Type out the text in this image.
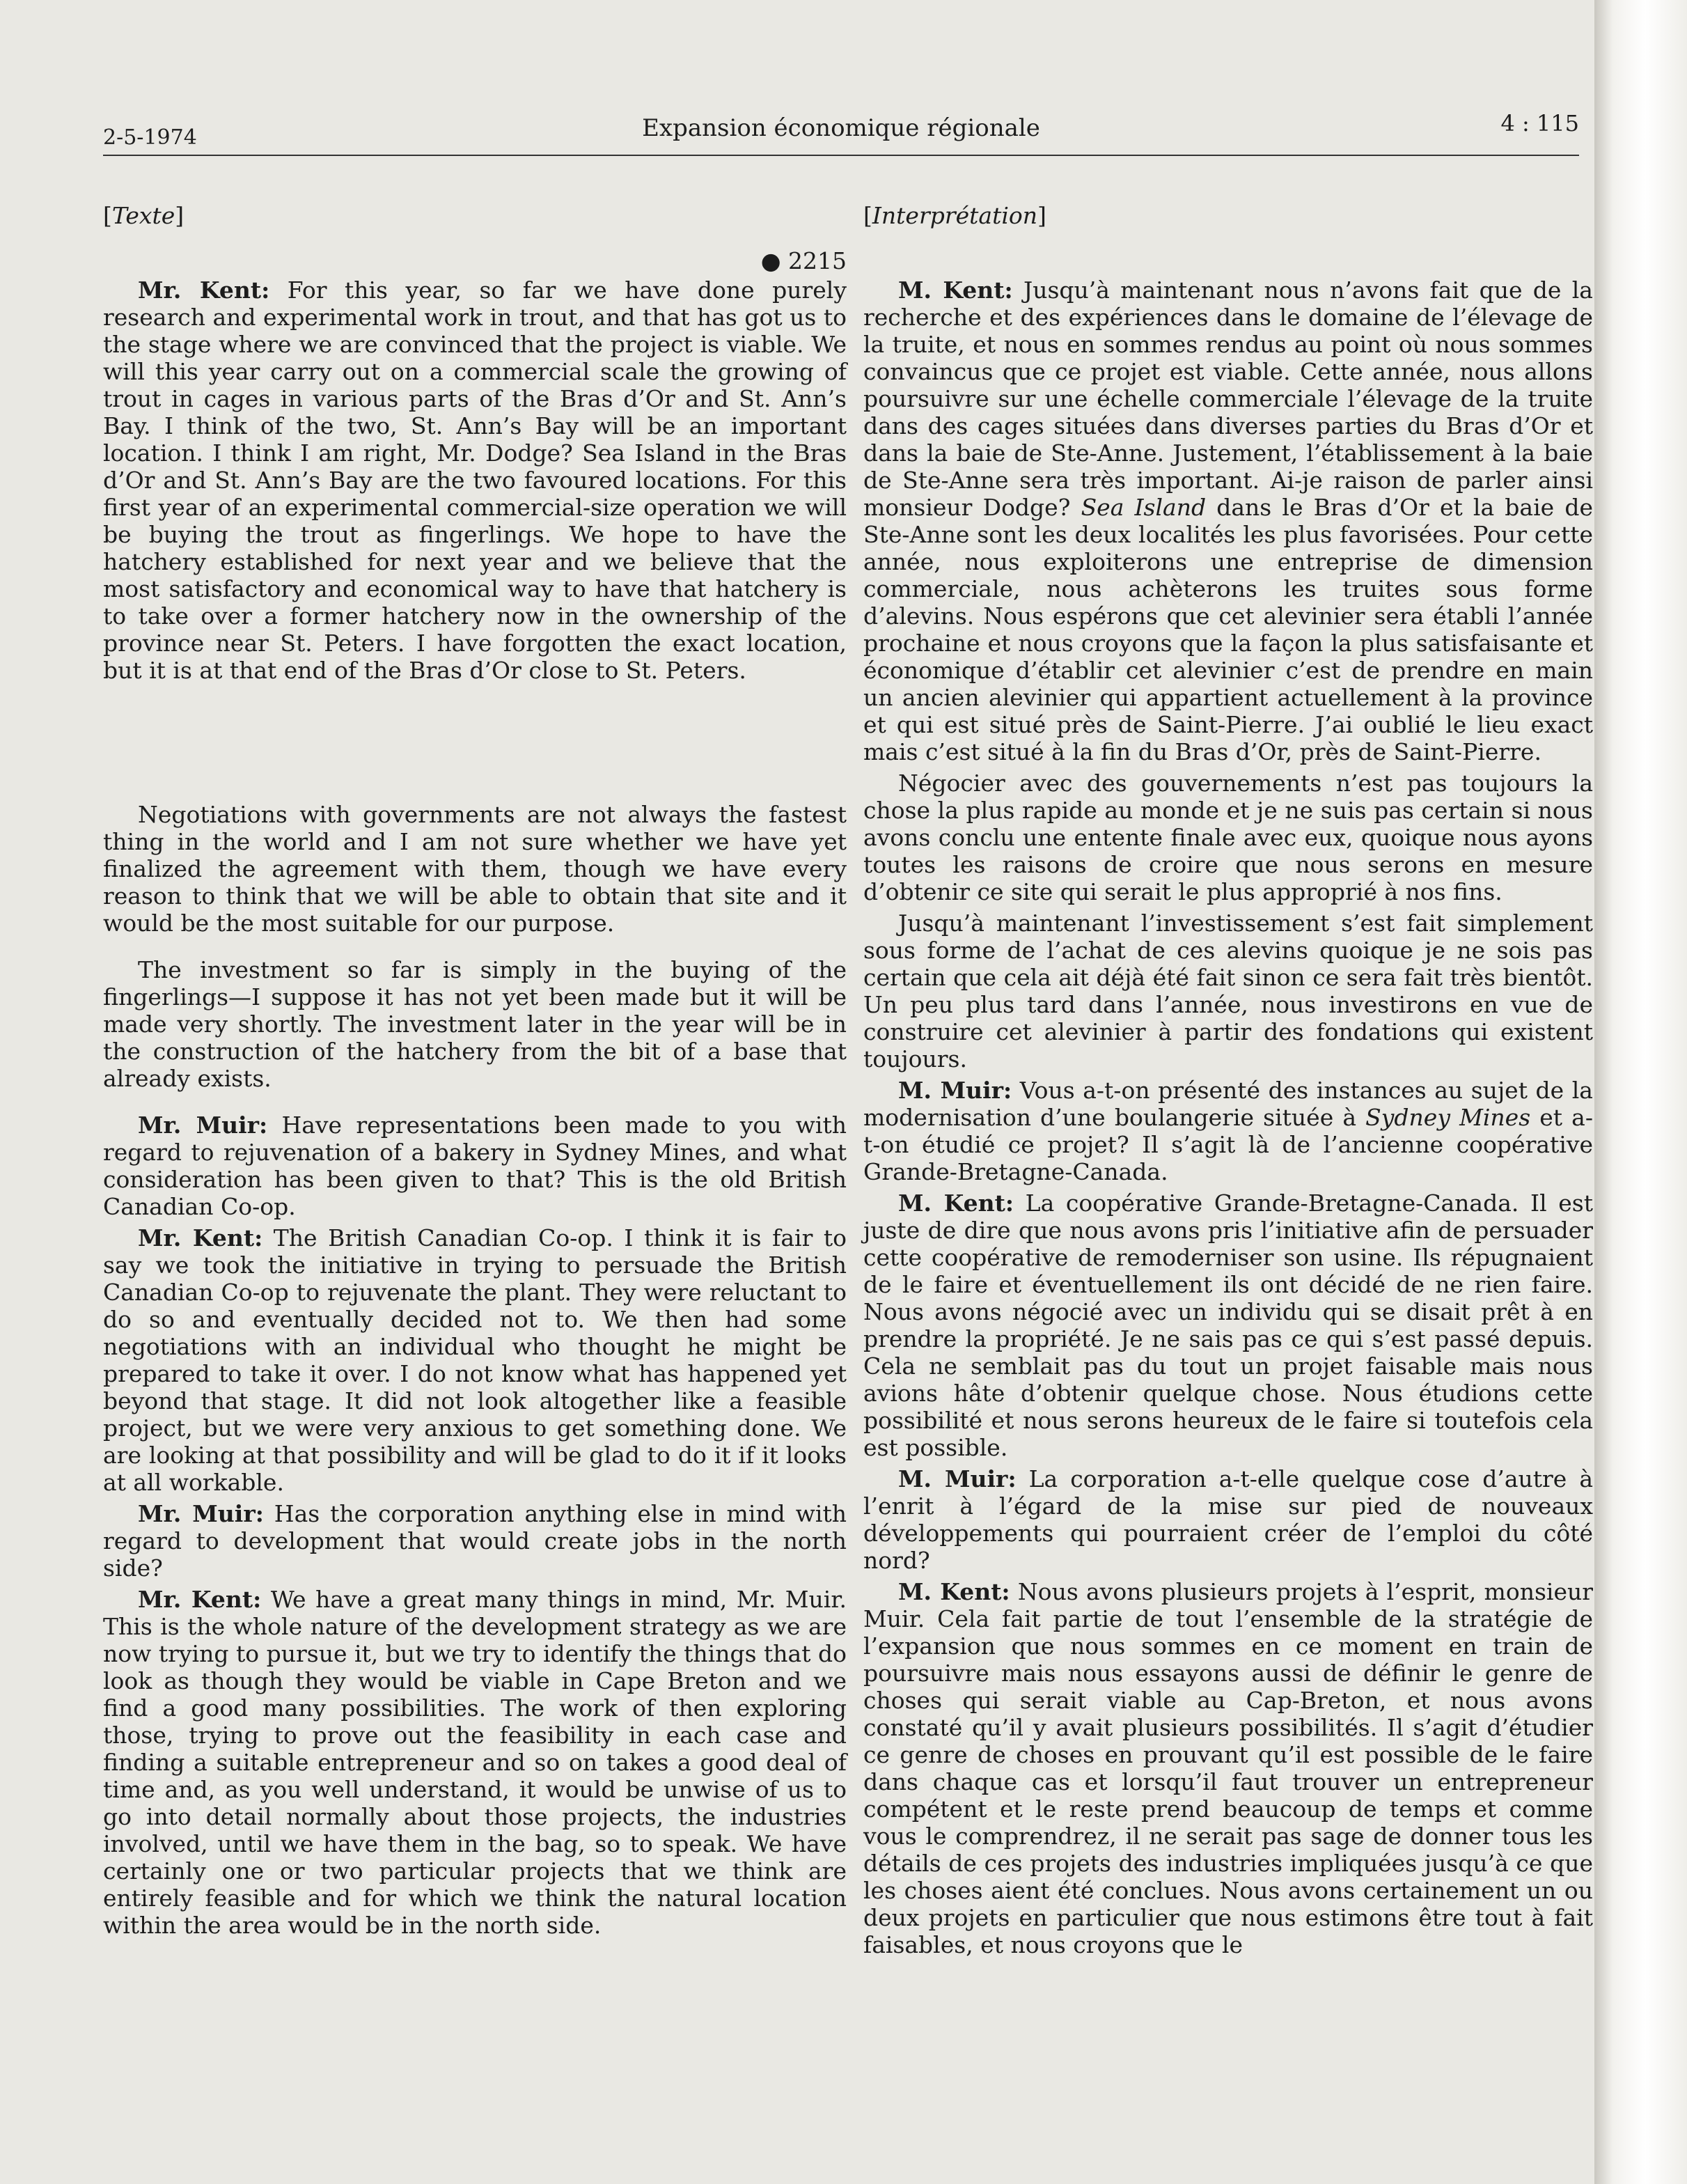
2-5-1974	Expansion économique régionale	4 : 115
[Texte]
● 2215

Mr. Kent: For this year, so far we have done purely research and experimental work in trout, and that has got us to the stage where we are convinced that the project is viable. We will this year carry out on a commercial scale the growing of trout in cages in various parts of the Bras d’Or and St. Ann’s Bay. I think of the two, St. Ann’s Bay will be an important location. I think I am right, Mr. Dodge? Sea Island in the Bras d’Or and St. Ann’s Bay are the two favoured locations. For this first year of an experimental commercial-size operation we will be buying the trout as fingerlings. We hope to have the hatchery established for next year and we believe that the most satisfactory and economical way to have that hatchery is to take over a former hatchery now in the ownership of the province near St. Peters. I have forgotten the exact location, but it is at that end of the Bras d’Or close to St. Peters.

Negotiations with governments are not always the fastest thing in the world and I am not sure whether we have yet finalized the agreement with them, though we have every reason to think that we will be able to obtain that site and it would be the most suitable for our purpose.

The investment so far is simply in the buying of the fingerlings—I suppose it has not yet been made but it will be made very shortly. The investment later in the year will be in the construction of the hatchery from the bit of a base that already exists.

Mr. Muir: Have representations been made to you with regard to rejuvenation of a bakery in Sydney Mines, and what consideration has been given to that? This is the old British Canadian Co-op.

Mr. Kent: The British Canadian Co-op. I think it is fair to say we took the initiative in trying to persuade the British Canadian Co-op to rejuvenate the plant. They were reluctant to do so and eventually decided not to. We then had some negotiations with an individual who thought he might be prepared to take it over. I do not know what has happened yet beyond that stage. It did not look altogether like a feasible project, but we were very anxious to get something done. We are looking at that possibility and will be glad to do it if it looks at all workable.

Mr. Muir: Has the corporation anything else in mind with regard to development that would create jobs in the north side?

Mr. Kent: We have a great many things in mind, Mr. Muir. This is the whole nature of the development strategy as we are now trying to pursue it, but we try to identify the things that do look as though they would be viable in Cape Breton and we find a good many possibilities. The work of then exploring those, trying to prove out the feasibility in each case and finding a suitable entrepreneur and so on takes a good deal of time and, as you well understand, it would be unwise of us to go into detail normally about those projects, the industries involved, until we have them in the bag, so to speak. We have certainly one or two particular projects that we think are entirely feasible and for which we think the natural location within the area would be in the north side.

[Interprétation]

M. Kent: Jusqu’à maintenant nous n’avons fait que de la recherche et des expériences dans le domaine de l’élevage de la truite, et nous en sommes rendus au point où nous sommes convaincus que ce projet est viable. Cette année, nous allons poursuivre sur une échelle commerciale l’élevage de la truite dans des cages situées dans diverses parties du Bras d’Or et dans la baie de Ste-Anne. Justement, l’établissement à la baie de Ste-Anne sera très important. Ai-je raison de parler ainsi monsieur Dodge? Sea Island dans le Bras d’Or et la baie de Ste-Anne sont les deux localités les plus favorisées. Pour cette année, nous exploiterons une entreprise de dimension commerciale, nous achèterons les truites sous forme d’alevins. Nous espérons que cet alevinier sera établi l’année prochaine et nous croyons que la façon la plus satisfaisante et économique d’établir cet alevinier c’est de prendre en main un ancien alevinier qui appartient actuellement à la province et qui est situé près de Saint-Pierre. J’ai oublié le lieu exact mais c’est situé à la fin du Bras d’Or, près de Saint-Pierre.

Négocier avec des gouvernements n’est pas toujours la chose la plus rapide au monde et je ne suis pas certain si nous avons conclu une entente finale avec eux, quoique nous ayons toutes les raisons de croire que nous serons en mesure d’obtenir ce site qui serait le plus approprié à nos fins.

Jusqu’à maintenant l’investissement s’est fait simplement sous forme de l’achat de ces alevins quoique je ne sois pas certain que cela ait déjà été fait sinon ce sera fait très bientôt. Un peu plus tard dans l’année, nous investirons en vue de construire cet alevinier à partir des fondations qui existent toujours.

M. Muir: Vous a-t-on présenté des instances au sujet de la modernisation d’une boulangerie située à Sydney Mines et a-t-on étudié ce projet? Il s’agit là de l’ancienne coopérative Grande-Bretagne-Canada.

M. Kent: La coopérative Grande-Bretagne-Canada. Il est juste de dire que nous avons pris l’initiative afin de persuader cette coopérative de remoderniser son usine. Ils répugnaient de le faire et éventuellement ils ont décidé de ne rien faire. Nous avons négocié avec un individu qui se disait prêt à en prendre la propriété. Je ne sais pas ce qui s’est passé depuis. Cela ne semblait pas du tout un projet faisable mais nous avions hâte d’obtenir quelque chose. Nous étudions cette possibilité et nous serons heureux de le faire si toutefois cela est possible.

M. Muir: La corporation a-t-elle quelque cose d’autre à l’enrit à l’égard de la mise sur pied de nouveaux développements qui pourraient créer de l’emploi du côté nord?

M. Kent: Nous avons plusieurs projets à l’esprit, monsieur Muir. Cela fait partie de tout l’ensemble de la stratégie de l’expansion que nous sommes en ce moment en train de poursuivre mais nous essayons aussi de définir le genre de choses qui serait viable au Cap-Breton, et nous avons constaté qu’il y avait plusieurs possibilités. Il s’agit d’étudier ce genre de choses en prouvant qu’il est possible de le faire dans chaque cas et lorsqu’il faut trouver un entrepreneur compétent et le reste prend beaucoup de temps et comme vous le comprendrez, il ne serait pas sage de donner tous les détails de ces projets des industries impliquées jusqu’à ce que les choses aient été conclues. Nous avons certainement un ou deux projets en particulier que nous estimons être tout à fait faisables, et nous croyons que le
